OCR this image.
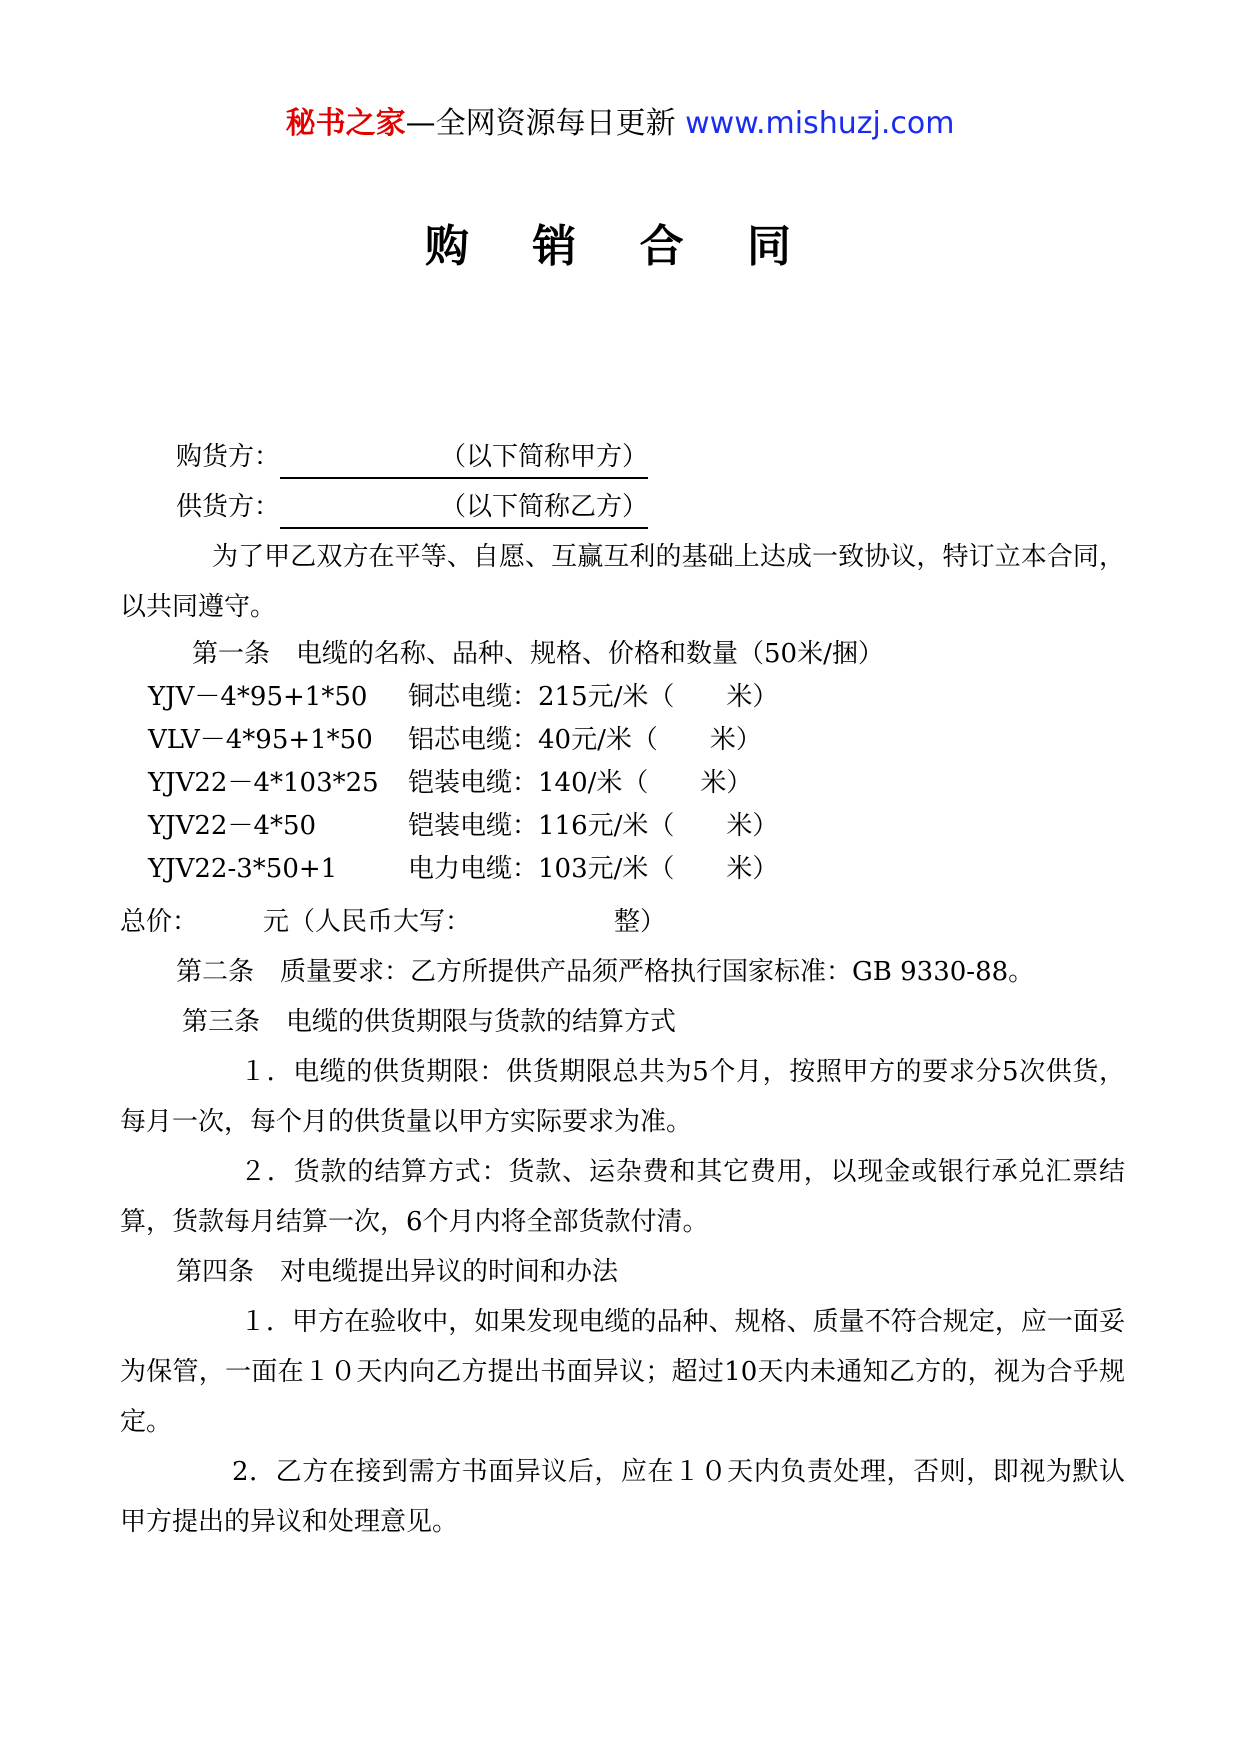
秘书之家—全网资源每日更新 www.mishuzj.com
购 销 合 同
购货方：	（以下简称甲方）
供货方：	（以下简称乙方）
为了甲乙双方在平等、自愿、互赢互利的基础上达成一致协议，特订立本合同，以共同遵守。
第一条　电缆的名称、品种、规格、价格和数量（50米/捆）
YJV－4*95+1*50 铜芯电缆：215元/米（　　米）
VLV－4*95+1*50 铝芯电缆：40元/米（　　米）
YJV22－4*103*25 铠装电缆：140/米（　　米）
YJV22－4*50	铠装电缆：116元/米（　　米）
YJV22-3*50+1	电力电缆：103元/米（　　米）
总价：　　　元（人民币大写：　　　　　　整）
第二条　质量要求：乙方所提供产品须严格执行国家标准：GB 9330-88。
第三条　电缆的供货期限与货款的结算方式
１．电缆的供货期限：供货期限总共为5个月，按照甲方的要求分5次供货，每月一次，每个月的供货量以甲方实际要求为准。
２．货款的结算方式：货款、运杂费和其它费用，以现金或银行承兑汇票结算，货款每月结算一次，6个月内将全部货款付清。
第四条　对电缆提出异议的时间和办法
１．甲方在验收中，如果发现电缆的品种、规格、质量不符合规定，应一面妥为保管，一面在１０天内向乙方提出书面异议；超过10天内未通知乙方的，视为合乎规定。
2．乙方在接到需方书面异议后，应在１０天内负责处理，否则，即视为默认甲方提出的异议和处理意见。
